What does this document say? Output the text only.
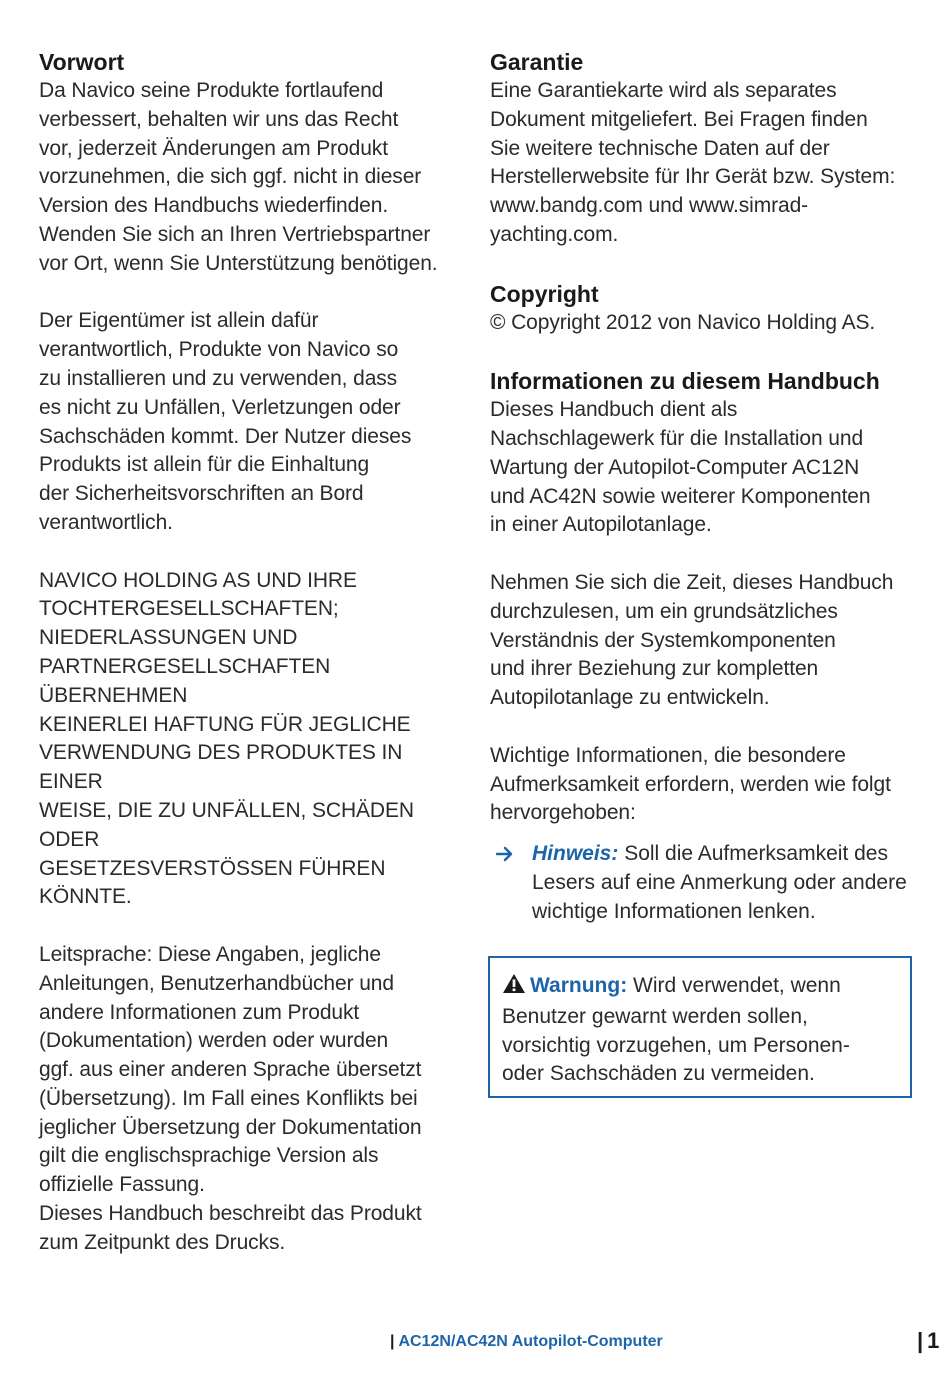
Vorwort

Da Navico seine Produkte fortlaufend
verbessert, behalten wir uns das Recht
vor, jederzeit Änderungen am Produkt
vorzunehmen, die sich ggf. nicht in dieser
Version des Handbuchs wiederfinden.
Wenden Sie sich an Ihren Vertriebspartner
vor Ort, wenn Sie Unterstützung benötigen.

Der Eigentümer ist allein dafür
verantwortlich, Produkte von Navico so
zu installieren und zu verwenden, dass
es nicht zu Unfällen, Verletzungen oder
Sachschäden kommt. Der Nutzer dieses
Produkts ist allein für die Einhaltung
der Sicherheitsvorschriften an Bord
verantwortlich.

NAVICO HOLDING AS UND IHRE
TOCHTERGESELLSCHAFTEN;
NIEDERLASSUNGEN UND
PARTNERGESELLSCHAFTEN ÜBERNEHMEN
KEINERLEI HAFTUNG FÜR JEGLICHE
VERWENDUNG DES PRODUKTES IN EINER
WEISE, DIE ZU UNFÄLLEN, SCHÄDEN ODER
GESETZESVERSTÖSSEN FÜHREN KÖNNTE.

Leitsprache: Diese Angaben, jegliche
Anleitungen, Benutzerhandbücher und
andere Informationen zum Produkt
(Dokumentation) werden oder wurden
ggf. aus einer anderen Sprache übersetzt
(Übersetzung). Im Fall eines Konflikts bei
jeglicher Übersetzung der Dokumentation
gilt die englischsprachige Version als
offizielle Fassung.
Dieses Handbuch beschreibt das Produkt
zum Zeitpunkt des Drucks.

Garantie

Eine Garantiekarte wird als separates
Dokument mitgeliefert. Bei Fragen finden
Sie weitere technische Daten auf der
Herstellerwebsite für Ihr Gerät bzw. System:
www.bandg.com und www.simrad-
yachting.com.

Copyright

© Copyright 2012 von Navico Holding AS.

Informationen zu diesem Handbuch

Dieses Handbuch dient als
Nachschlagewerk für die Installation und
Wartung der Autopilot-Computer AC12N
und AC42N sowie weiterer Komponenten
in einer Autopilotanlage.

Nehmen Sie sich die Zeit, dieses Handbuch
durchzulesen, um ein grundsätzliches
Verständnis der Systemkomponenten
und ihrer Beziehung zur kompletten
Autopilotanlage zu entwickeln.

Wichtige Informationen, die besondere
Aufmerksamkeit erfordern, werden wie folgt
hervorgehoben:

Hinweis: Soll die Aufmerksamkeit des
Lesers auf eine Anmerkung oder andere
wichtige Informationen lenken.
Warnung: Wird verwendet, wenn
Benutzer gewarnt werden sollen,
vorsichtig vorzugehen, um Personen-
oder Sachschäden zu vermeiden.
| AC12N/AC42N Autopilot-Computer	| 1
